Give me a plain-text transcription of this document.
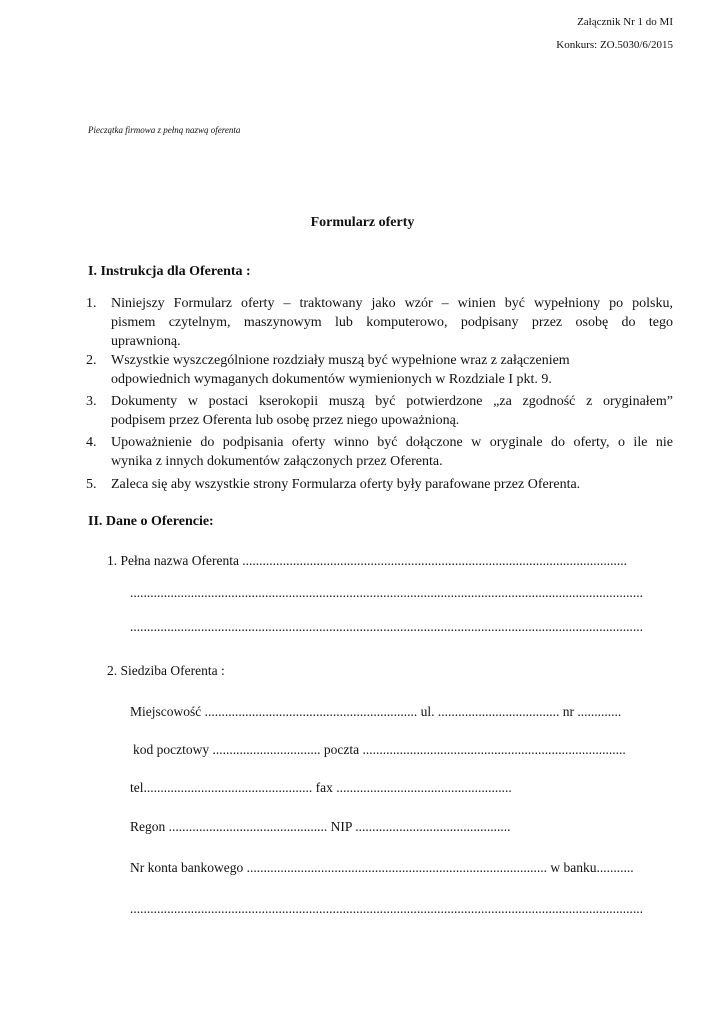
Załącznik Nr 1 do MI
Konkurs: ZO.5030/6/2015
Pieczątka firmowa z pełną nazwą oferenta
Formularz oferty
I. Instrukcja dla Oferenta :
1. Niniejszy Formularz oferty – traktowany jako wzór – winien być wypełniony po polsku,
pismem czytelnym, maszynowym lub komputerowo, podpisany przez osobę do tego
uprawnioną.
2. Wszystkie wyszczególnione rozdziały muszą być wypełnione wraz z załączeniem
odpowiednich wymaganych dokumentów wymienionych w Rozdziale I pkt. 9.
3. Dokumenty w postaci kserokopii muszą być potwierdzone „za zgodność z oryginałem”
podpisem przez Oferenta lub osobę przez niego upoważnioną.
4. Upoważnienie do podpisania oferty winno być dołączone w oryginale do oferty, o ile nie
wynika z innych dokumentów załączonych przez Oferenta.
5. Zaleca się aby wszystkie strony Formularza oferty były parafowane przez Oferenta.
II. Dane o Oferencie:
1. Pełna nazwa Oferenta ..................................................................................................................
........................................................................................................................................................
........................................................................................................................................................
2. Siedziba Oferenta :
Miejscowość ............................................................... ul. .................................... nr .............
kod pocztowy ................................ poczta ..............................................................................
tel.................................................. fax ....................................................
Regon ............................................... NIP ..............................................
Nr konta bankowego ......................................................................................... w banku...........
........................................................................................................................................................
